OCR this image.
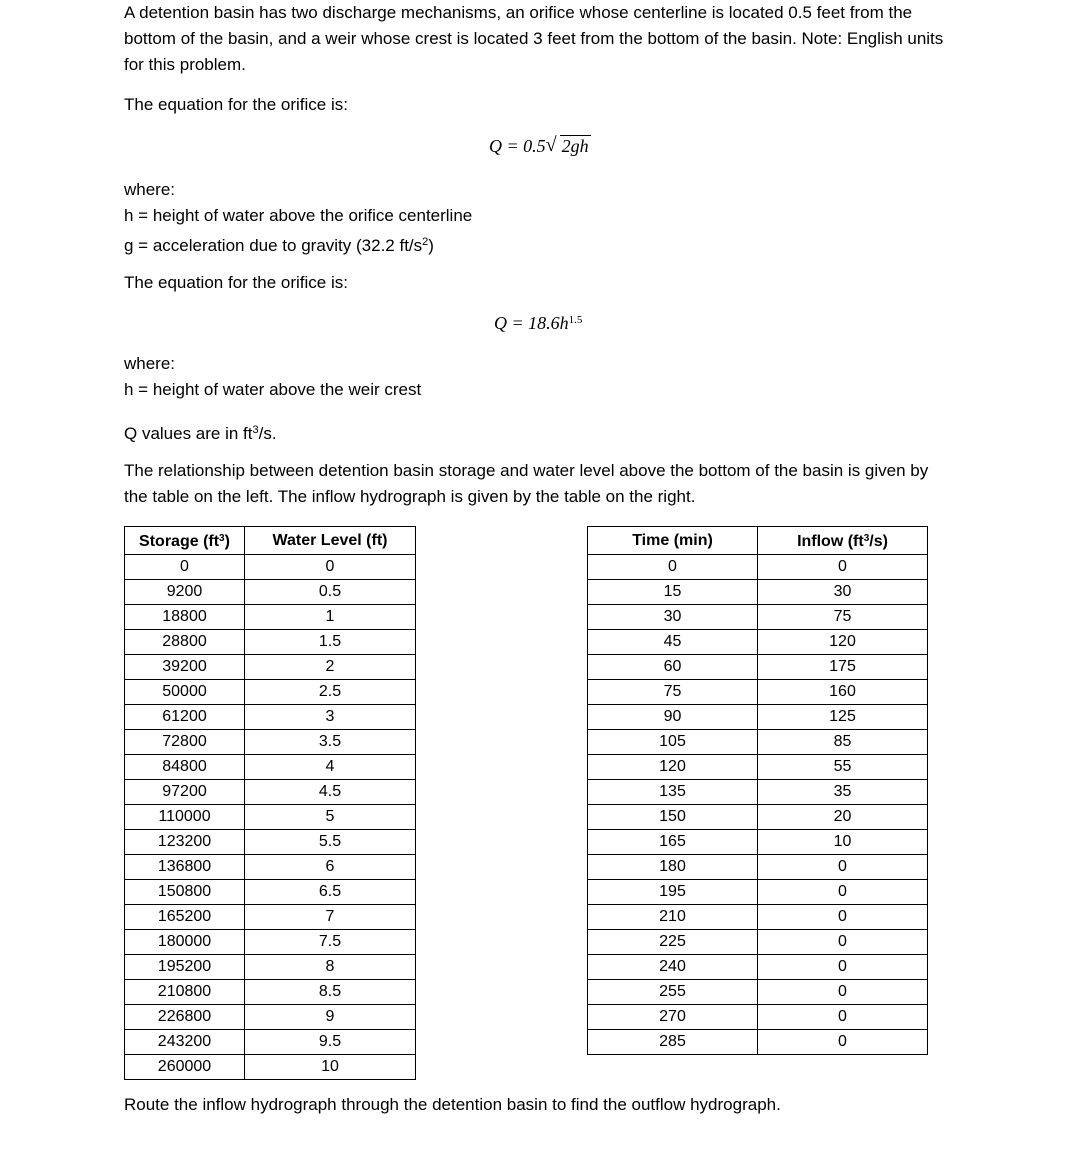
A detention basin has two discharge mechanisms, an orifice whose centerline is located 0.5 feet from the bottom of the basin, and a weir whose crest is located 3 feet from the bottom of the basin. Note: English units for this problem.

The equation for the orifice is:

Q = 0.5 √ 2gh

where:

h = height of water above the orifice centerline

g = acceleration due to gravity (32.2 $ft/s^2$)

The equation for the orifice is:

$Q = 18.6h^{1.5}$

where:

h = height of water above the weir crest

Q values are in $ft^3/s$.

The relationship between detention basin storage and water level above the bottom of the basin is given by the table on the left. The inflow hydrograph is given by the table on the right.

Storage $(ft^3)$	Water Level (ft)
0	0
9200	0.5
18800	1
28800	1.5
39200	2
50000	2.5
61200	3
72800	3.5
84800	4
97200	4.5
110000	5
123200	5.5
136800	6
150800	6.5
165200	7
180000	7.5
195200	8
210800	8.5
226800	9
243200	9.5
260000	10
Time (min)	Inflow $(ft^3/s)$
0	0
15	30
30	75
45	120
60	175
75	160
90	125
105	85
120	55
135	35
150	20
165	10
180	0
195	0
210	0
225	0
240	0
255	0
270	0
285	0

Route the inflow hydrograph through the detention basin to find the outflow hydrograph.
